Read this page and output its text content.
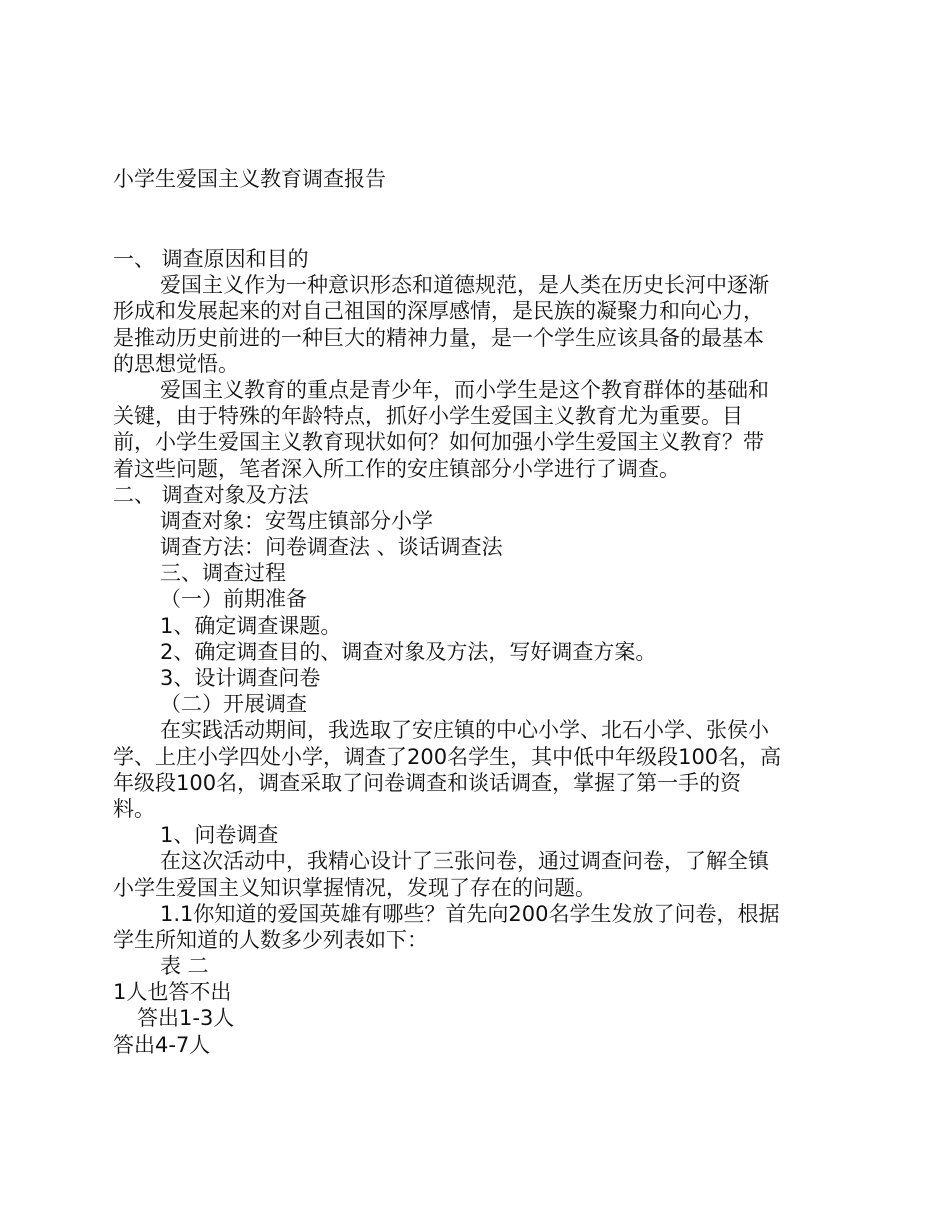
小学生爱国主义教育调查报告
一、 调查原因和目的
爱国主义作为一种意识形态和道德规范，是人类在历史长河中逐渐
形成和发展起来的对自己祖国的深厚感情，是民族的凝聚力和向心力，
是推动历史前进的一种巨大的精神力量，是一个学生应该具备的最基本
的思想觉悟。
爱国主义教育的重点是青少年，而小学生是这个教育群体的基础和
关键，由于特殊的年龄特点，抓好小学生爱国主义教育尤为重要。目
前，小学生爱国主义教育现状如何？如何加强小学生爱国主义教育？带
着这些问题，笔者深入所工作的安庄镇部分小学进行了调查。
二、 调查对象及方法
调查对象：安驾庄镇部分小学
调查方法：问卷调查法 、谈话调查法
三、调查过程
（一）前期准备
1、确定调查课题。
2、确定调查目的、调查对象及方法，写好调查方案。
3、设计调查问卷
（二）开展调查
在实践活动期间，我选取了安庄镇的中心小学、北石小学、张侯小
学、上庄小学四处小学，调查了200名学生，其中低中年级段100名，高
年级段100名，调查采取了问卷调查和谈话调查，掌握了第一手的资
料。
1、问卷调查
在这次活动中，我精心设计了三张问卷，通过调查问卷，了解全镇
小学生爱国主义知识掌握情况，发现了存在的问题。
1.1你知道的爱国英雄有哪些？首先向200名学生发放了问卷，根据
学生所知道的人数多少列表如下：
表 二
1人也答不出
答出1-3人
答出4-7人
